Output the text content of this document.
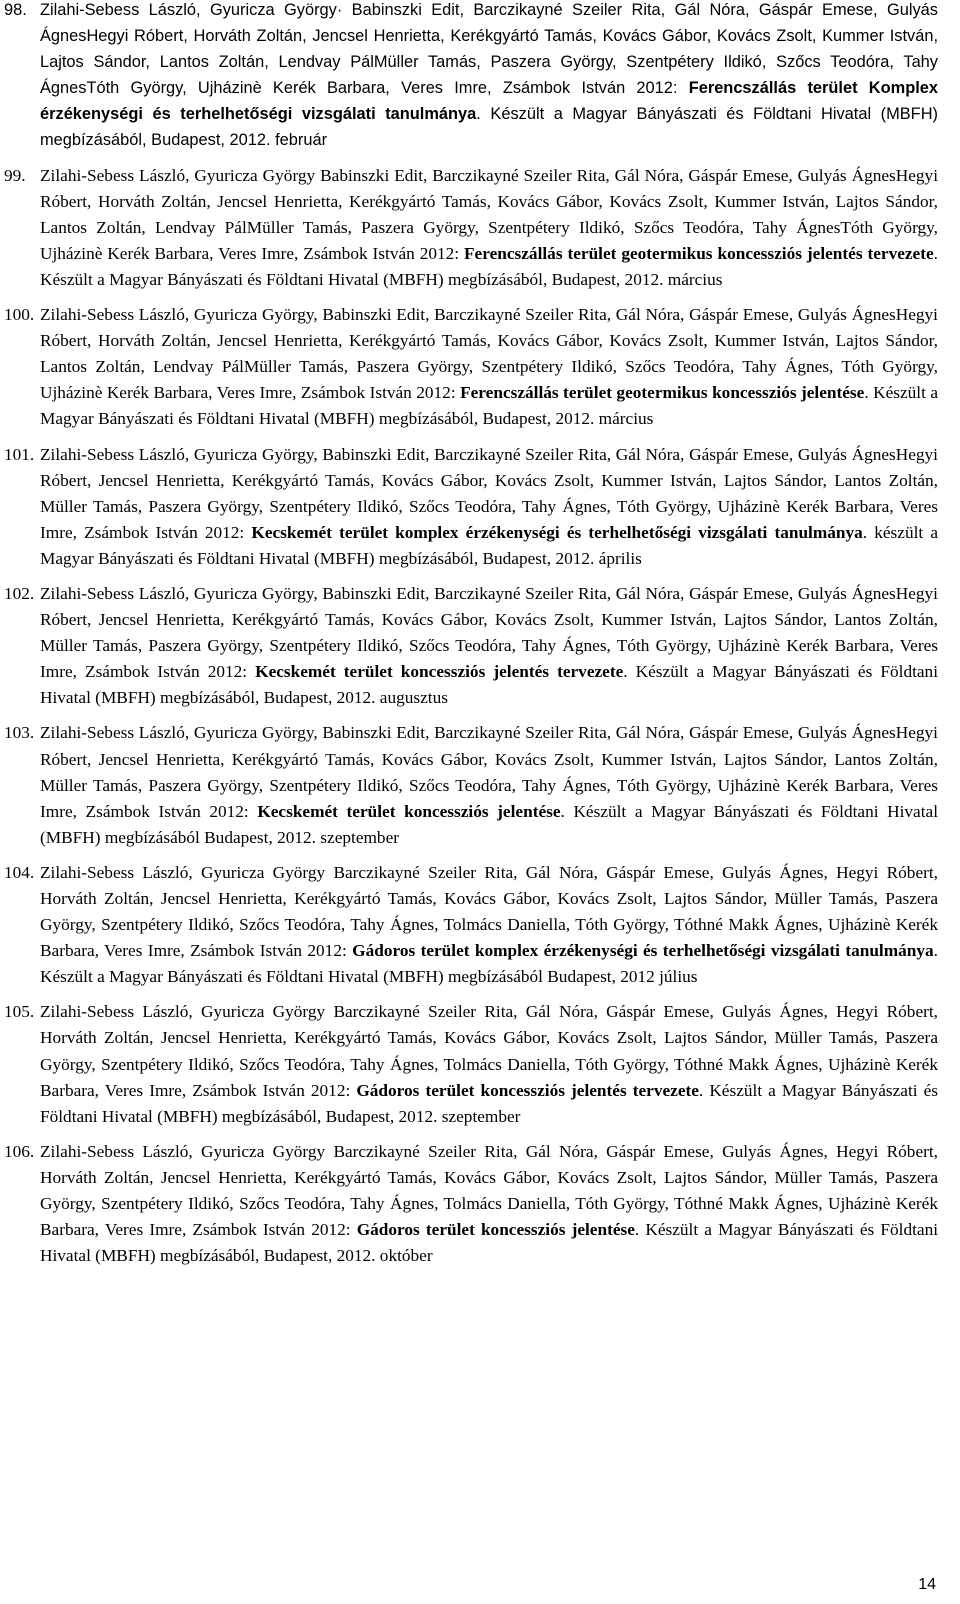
98. Zilahi-Sebess László, Gyuricza György· Babinszki Edit, Barczikayné Szeiler Rita, Gál Nóra, Gáspár Emese, Gulyás ÁgnesHegyi Róbert, Horváth Zoltán, Jencsel Henrietta, Kerékgyártó Tamás, Kovács Gábor, Kovács Zsolt, Kummer István, Lajtos Sándor, Lantos Zoltán, Lendvay PálMüller Tamás, Paszera György, Szentpétery Ildikó, Szőcs Teodóra, Tahy ÁgnesTóth György, Ujházinè Kerék Barbara, Veres Imre, Zsámbok István 2012: Ferencszállás terület Komplex érzékenységi és terhelhetőségi vizsgálati tanulmánya. Készült a Magyar Bányászati és Földtani Hivatal (MBFH) megbízásából, Budapest, 2012. február
99. Zilahi-Sebess László, Gyuricza György Babinszki Edit, Barczikayné Szeiler Rita, Gál Nóra, Gáspár Emese, Gulyás ÁgnesHegyi Róbert, Horváth Zoltán, Jencsel Henrietta, Kerékgyártó Tamás, Kovács Gábor, Kovács Zsolt, Kummer István, Lajtos Sándor, Lantos Zoltán, Lendvay PálMüller Tamás, Paszera György, Szentpétery Ildikó, Szőcs Teodóra, Tahy ÁgnesTóth György, Ujházinè Kerék Barbara, Veres Imre, Zsámbok István 2012: Ferencszállás terület geotermikus koncessziós jelentés tervezete. Készült a Magyar Bányászati és Földtani Hivatal (MBFH) megbízásából, Budapest, 2012. március
100. Zilahi-Sebess László, Gyuricza György, Babinszki Edit, Barczikayné Szeiler Rita, Gál Nóra, Gáspár Emese, Gulyás ÁgnesHegyi Róbert, Horváth Zoltán, Jencsel Henrietta, Kerékgyártó Tamás, Kovács Gábor, Kovács Zsolt, Kummer István, Lajtos Sándor, Lantos Zoltán, Lendvay PálMüller Tamás, Paszera György, Szentpétery Ildikó, Szőcs Teodóra, Tahy Ágnes, Tóth György, Ujházinè Kerék Barbara, Veres Imre, Zsámbok István 2012: Ferencszállás terület geotermikus koncessziós jelentése. Készült a Magyar Bányászati és Földtani Hivatal (MBFH) megbízásából, Budapest, 2012. március
101. Zilahi-Sebess László, Gyuricza György, Babinszki Edit, Barczikayné Szeiler Rita, Gál Nóra, Gáspár Emese, Gulyás ÁgnesHegyi Róbert, Jencsel Henrietta, Kerékgyártó Tamás, Kovács Gábor, Kovács Zsolt, Kummer István, Lajtos Sándor, Lantos Zoltán, Müller Tamás, Paszera György, Szentpétery Ildikó, Szőcs Teodóra, Tahy Ágnes, Tóth György, Ujházinè Kerék Barbara, Veres Imre, Zsámbok István 2012: Kecskemét terület komplex érzékenységi és terhelhetőségi vizsgálati tanulmánya. készült a Magyar Bányászati és Földtani Hivatal (MBFH) megbízásából, Budapest, 2012. április
102. Zilahi-Sebess László, Gyuricza György, Babinszki Edit, Barczikayné Szeiler Rita, Gál Nóra, Gáspár Emese, Gulyás ÁgnesHegyi Róbert, Jencsel Henrietta, Kerékgyártó Tamás, Kovács Gábor, Kovács Zsolt, Kummer István, Lajtos Sándor, Lantos Zoltán, Müller Tamás, Paszera György, Szentpétery Ildikó, Szőcs Teodóra, Tahy Ágnes, Tóth György, Ujházinè Kerék Barbara, Veres Imre, Zsámbok István 2012: Kecskemét terület koncessziós jelentés tervezete. Készült a Magyar Bányászati és Földtani Hivatal (MBFH) megbízásából, Budapest, 2012. augusztus
103. Zilahi-Sebess László, Gyuricza György, Babinszki Edit, Barczikayné Szeiler Rita, Gál Nóra, Gáspár Emese, Gulyás ÁgnesHegyi Róbert, Jencsel Henrietta, Kerékgyártó Tamás, Kovács Gábor, Kovács Zsolt, Kummer István, Lajtos Sándor, Lantos Zoltán, Müller Tamás, Paszera György, Szentpétery Ildikó, Szőcs Teodóra, Tahy Ágnes, Tóth György, Ujházinè Kerék Barbara, Veres Imre, Zsámbok István 2012: Kecskemét terület koncessziós jelentése. Készült a Magyar Bányászati és Földtani Hivatal (MBFH) megbízásából Budapest, 2012. szeptember
104. Zilahi-Sebess László, Gyuricza György Barczikayné Szeiler Rita, Gál Nóra, Gáspár Emese, Gulyás Ágnes, Hegyi Róbert, Horváth Zoltán, Jencsel Henrietta, Kerékgyártó Tamás, Kovács Gábor, Kovács Zsolt, Lajtos Sándor, Müller Tamás, Paszera György, Szentpétery Ildikó, Szőcs Teodóra, Tahy Ágnes, Tolmács Daniella, Tóth György, Tóthné Makk Ágnes, Ujházinè Kerék Barbara, Veres Imre, Zsámbok István 2012: Gádoros terület komplex érzékenységi és terhelhetőségi vizsgálati tanulmánya. Készült a Magyar Bányászati és Földtani Hivatal (MBFH) megbízásából Budapest, 2012 július
105. Zilahi-Sebess László, Gyuricza György Barczikayné Szeiler Rita, Gál Nóra, Gáspár Emese, Gulyás Ágnes, Hegyi Róbert, Horváth Zoltán, Jencsel Henrietta, Kerékgyártó Tamás, Kovács Gábor, Kovács Zsolt, Lajtos Sándor, Müller Tamás, Paszera György, Szentpétery Ildikó, Szőcs Teodóra, Tahy Ágnes, Tolmács Daniella, Tóth György, Tóthné Makk Ágnes, Ujházinè Kerék Barbara, Veres Imre, Zsámbok István 2012: Gádoros terület koncessziós jelentés tervezete. Készült a Magyar Bányászati és Földtani Hivatal (MBFH) megbízásából, Budapest, 2012. szeptember
106. Zilahi-Sebess László, Gyuricza György Barczikayné Szeiler Rita, Gál Nóra, Gáspár Emese, Gulyás Ágnes, Hegyi Róbert, Horváth Zoltán, Jencsel Henrietta, Kerékgyártó Tamás, Kovács Gábor, Kovács Zsolt, Lajtos Sándor, Müller Tamás, Paszera György, Szentpétery Ildikó, Szőcs Teodóra, Tahy Ágnes, Tolmács Daniella, Tóth György, Tóthné Makk Ágnes, Ujházinè Kerék Barbara, Veres Imre, Zsámbok István 2012: Gádoros terület koncessziós jelentése. Készült a Magyar Bányászati és Földtani Hivatal (MBFH) megbízásából, Budapest, 2012. október
14
